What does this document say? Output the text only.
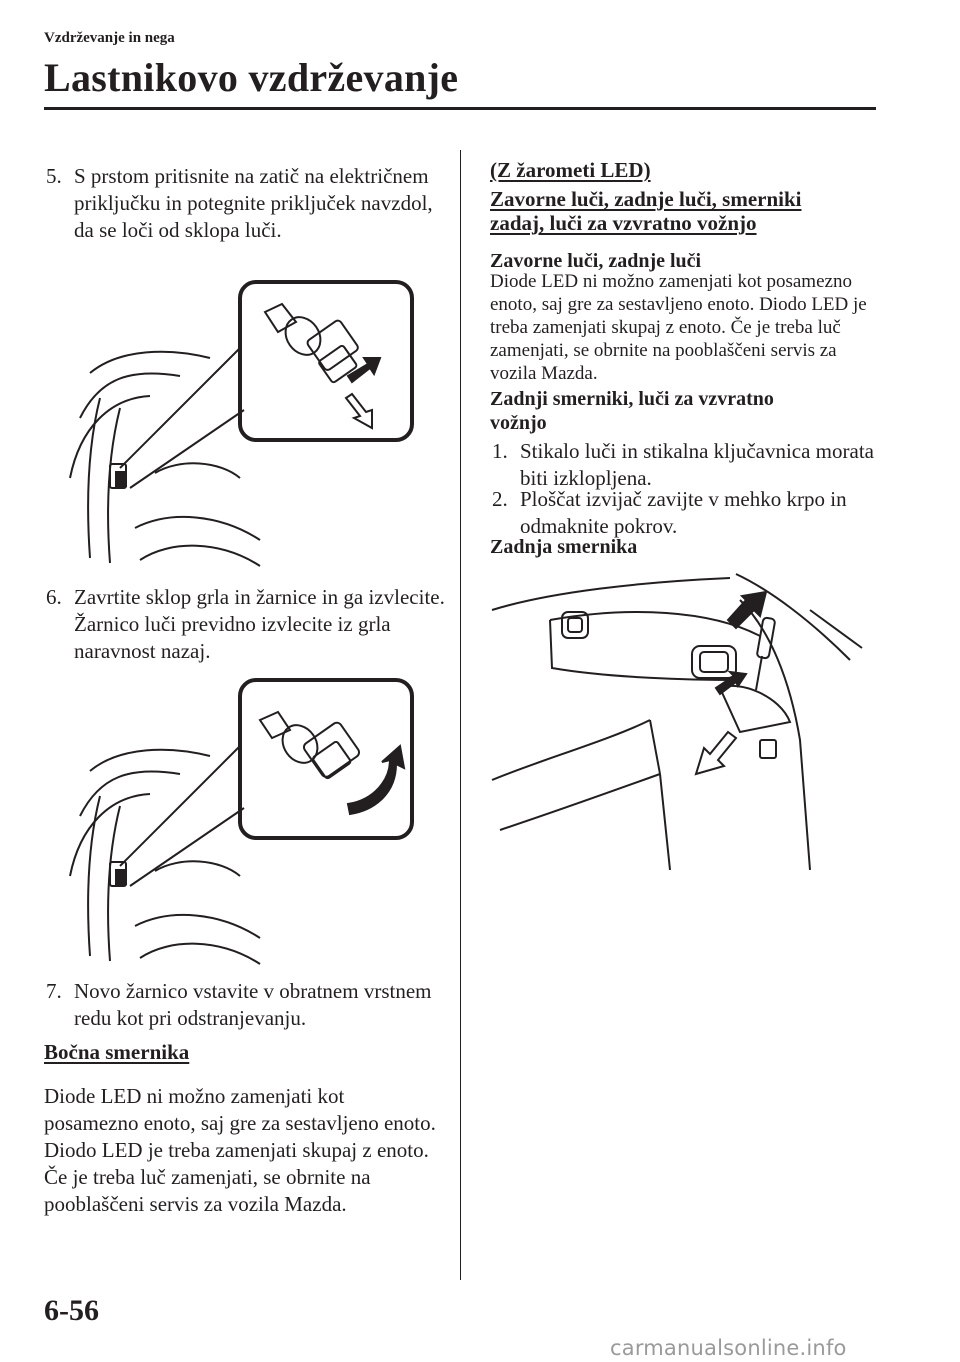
Vzdrževanje in nega
Lastnikovo vzdrževanje
5. S prstom pritisnite na zatič na električnem priključku in potegnite priključek navzdol, da se loči od sklopa luči.
6. Zavrtite sklop grla in žarnice in ga izvlecite. Žarnico luči previdno izvlecite iz grla naravnost nazaj.
7. Novo žarnico vstavite v obratnem vrstnem redu kot pri odstranjevanju.
Bočna smernika
Diode LED ni možno zamenjati kot posamezno enoto, saj gre za sestavljeno enoto. Diodo LED je treba zamenjati skupaj z enoto. Če je treba luč zamenjati, se obrnite na pooblaščeni servis za vozila Mazda.
(Z žarometi LED)
Zavorne luči, zadnje luči, smerniki
zadaj, luči za vzvratno vožnjo
Zavorne luči, zadnje luči
Diode LED ni možno zamenjati kot posamezno enoto, saj gre za sestavljeno enoto. Diodo LED je treba zamenjati skupaj z enoto. Če je treba luč zamenjati, se obrnite na pooblaščeni servis za vozila Mazda.
Zadnji smerniki, luči za vzvratno vožnjo
1. Stikalo luči in stikalna ključavnica morata biti izklopljena.
2. Ploščat izvijač zavijte v mehko krpo in odmaknite pokrov.
Zadnja smernika
6-56
carmanualsonline.info
